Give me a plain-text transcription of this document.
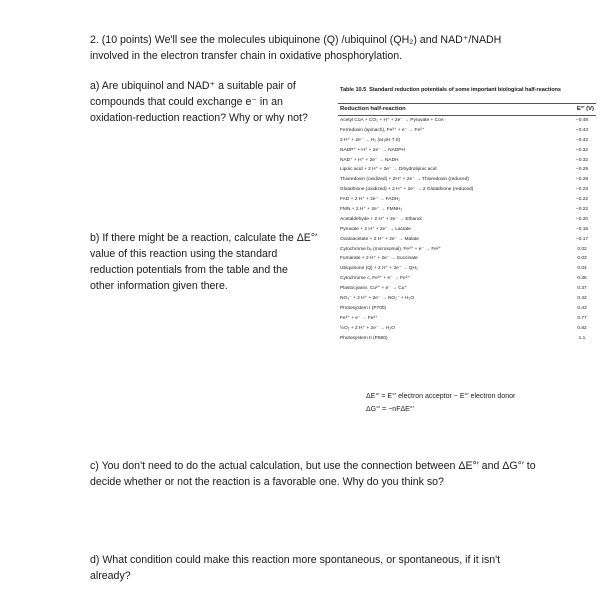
2. (10 points) We'll see the molecules ubiquinone (Q) /ubiquinol (QH₂) and NAD⁺/NADH
involved in the electron transfer chain in oxidative phosphorylation.
a) Are ubiquinol and NAD⁺ a suitable pair of
compounds that could exchange e⁻ in an
oxidation-reduction reaction? Why or why not?
b) If there might be a reaction, calculate the ΔE°′
value of this reaction using the standard
reduction potentials from the table and the
other information given there.
Table 10.5 Standard reduction potentials of some important biological half-reactions
Reduction half-reaction	E°′ (V)
Acetyl CoA + CO₂ + H⁺ + 2e⁻ → Pyruvate + CoA	−0.48
Ferredoxin (spinach), Fe³⁺ + e⁻ → Fe²⁺	−0.43
2 H⁺ + 2e⁻ → H₂ (at pH 7.0)	−0.42
NADP⁺ + H⁺ + 2e⁻ → NADPH	−0.32
NAD⁺ + H⁺ + 2e⁻ → NADH	−0.32
Lipoic acid + 2 H⁺ + 2e⁻ → Dihydrolipoic acid	−0.29
Thioredoxin (oxidized) + 2H⁺ + 2e⁻ → Thioredoxin (reduced)	−0.28
Glutathione (oxidized) + 2 H⁺ + 2e⁻ → 2 Glutathione (reduced)	−0.23
FAD + 2 H⁺ + 2e⁻ → FADH₂	−0.22
FMN + 2 H⁺ + 2e⁻ → FMNH₂	−0.22
Acetaldehyde + 2 H⁺ + 2e⁻ → Ethanol	−0.20
Pyruvate + 2 H⁺ + 2e⁻ → Lactate	−0.18
Oxaloacetate + 2 H⁺ + 2e⁻ → Malate	−0.17
Cytochrome b₅ (microsomal), Fe³⁺ + e⁻ → Fe²⁺	0.02
Fumarate + 2 H⁺ + 2e⁻ → Succinate	0.03
Ubiquinone (Q) + 2 H⁺ + 2e⁻ → QH₂	0.04
Cytochrome c, Fe³⁺ + e⁻ → Fe²⁺	0.36
Plastocyanin, Cu²⁺ + e⁻ → Cu⁺	0.37
NO₃⁻ + 2 H⁺ + 2e⁻ → NO₂⁻ + H₂O	0.42
Photosystem I (P700)	0.43
Fe³⁺ + e⁻ → Fe²⁺	0.77
½O₂ + 2 H⁺ + 2e⁻ → H₂O	0.82
Photosystem II (P680)	1.1
ΔE°′ = E°′ electron acceptor − E°′ electron donor
ΔG°′ = −nFΔE°′
c) You don't need to do the actual calculation, but use the connection between ΔE°′ and ΔG°′ to
decide whether or not the reaction is a favorable one. Why do you think so?
d) What condition could make this reaction more spontaneous, or spontaneous, if it isn't
already?
